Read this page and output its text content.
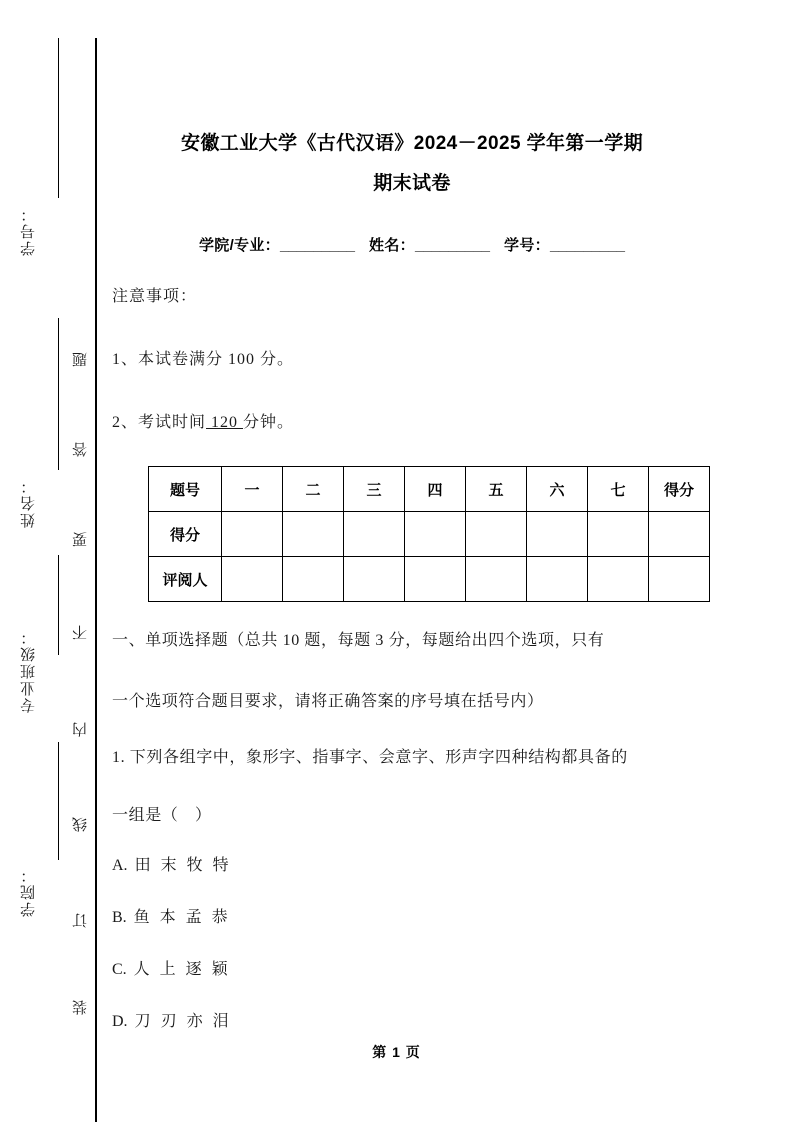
学号：
姓名：
专业班级：
学院：
题
答
要
不
内
线
订
装
安徽工业大学《古代汉语》2024－2025 学年第一学期
期末试卷
学院/专业：_________ 姓名：_________ 学号：_________

注意事项：

1、本试卷满分 100 分。

2、考试时间 120 分钟。

题号	一	二	三	四	五	六	七	得分
得分								
评阅人								

一、单项选择题（总共 10 题，每题 3 分，每题给出四个选项，只有

一个选项符合题目要求，请将正确答案的序号填在括号内）

1. 下列各组字中，象形字、指事字、会意字、形声字四种结构都具备的

一组是（　）

A. 田 末 牧 特

B. 鱼 本 孟 恭

C. 人 上 逐 颖

D. 刀 刃 亦 泪

第 1 页
